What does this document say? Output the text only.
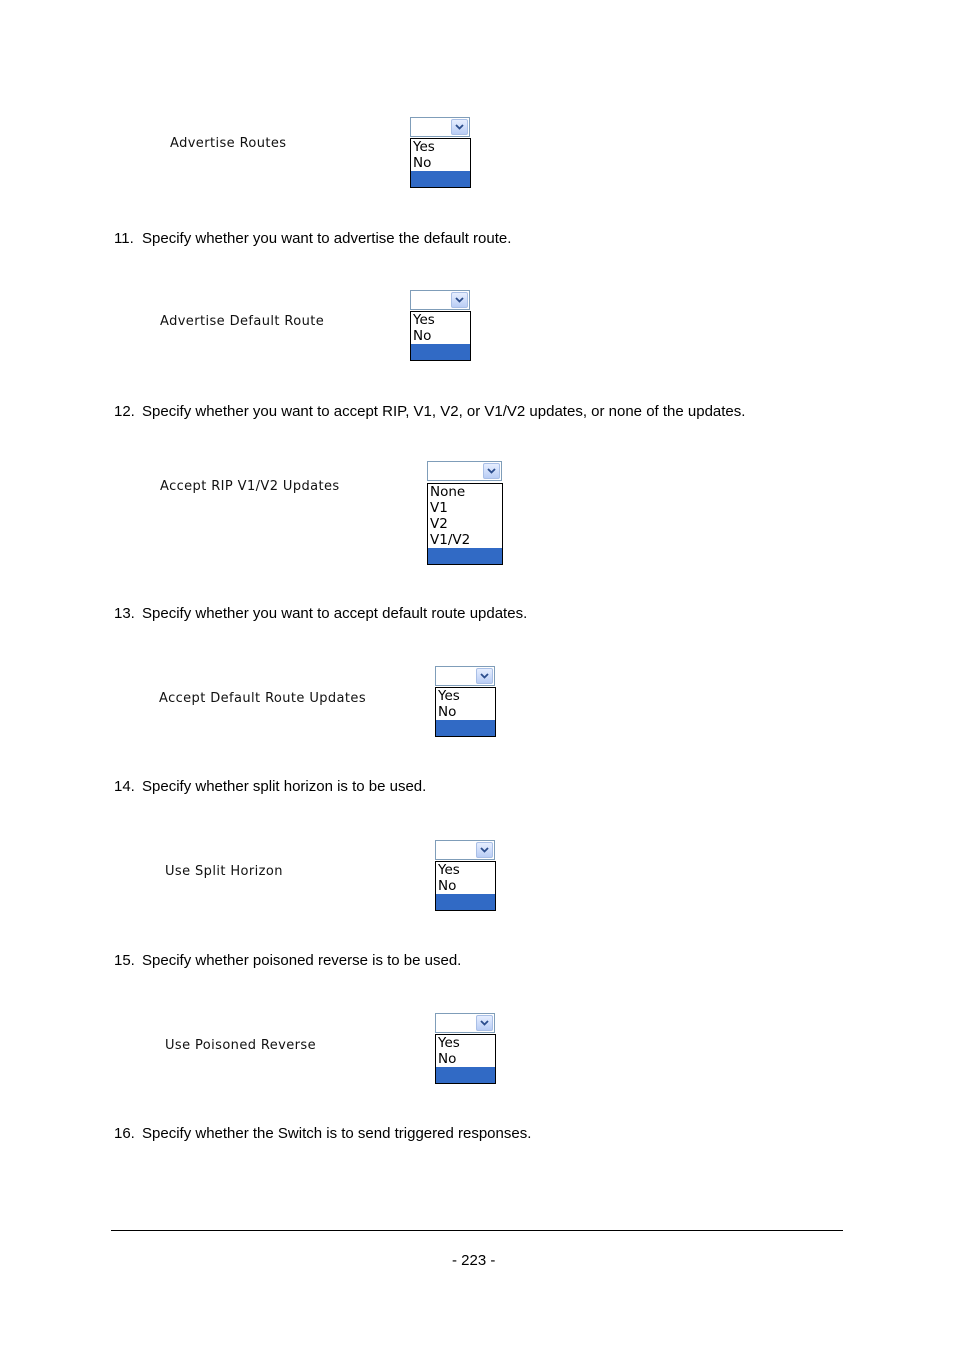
Advertise Routes	Yes
No
11. Specify whether you want to advertise the default route.
Advertise Default Route	Yes
No
12. Specify whether you want to accept RIP, V1, V2, or V1/V2 updates, or none of the updates.
Accept RIP V1/V2 Updates	None
V1
V2
V1/V2
13. Specify whether you want to accept default route updates.
Accept Default Route Updates	Yes
No
14. Specify whether split horizon is to be used.
Use Split Horizon	Yes
No
15. Specify whether poisoned reverse is to be used.
Use Poisoned Reverse	Yes
No
16. Specify whether the Switch is to send triggered responses.
- 223 -
